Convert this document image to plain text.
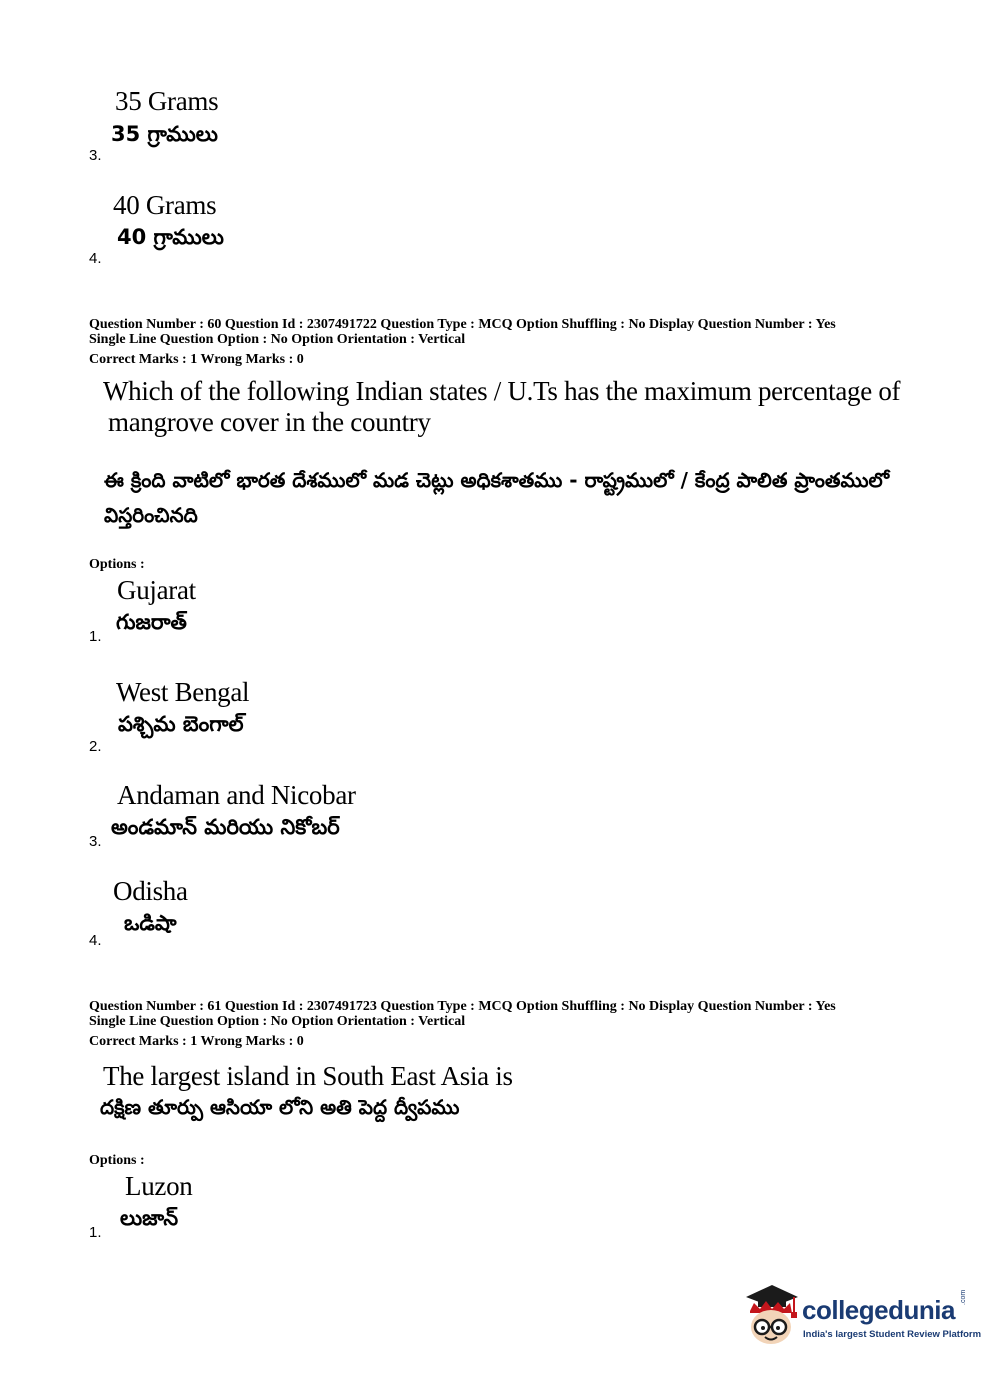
35 Grams
35 గ్రాములు
3.
40 Grams
40 గ్రాములు
4.
Question Number : 60 Question Id : 2307491722 Question Type : MCQ Option Shuffling : No Display Question Number : Yes
Single Line Question Option : No Option Orientation : Vertical
Correct Marks : 1 Wrong Marks : 0
Which of the following Indian states / U.Ts has the maximum percentage of
mangrove cover in the country
ఈ క్రింది వాటిలో భారత దేశములో మడ చెట్లు అధికశాతము - రాష్ట్రములో / కేంద్ర పాలిత ప్రాంతములో విస్తరించినది
Options :
Gujarat
గుజరాత్
1.
West Bengal
పశ్చిమ బెంగాల్
2.
Andaman and Nicobar
అండమాన్ మరియు నికోబర్
3.
Odisha
ఒడిషా
4.
Question Number : 61 Question Id : 2307491723 Question Type : MCQ Option Shuffling : No Display Question Number : Yes
Single Line Question Option : No Option Orientation : Vertical
Correct Marks : 1 Wrong Marks : 0
The largest island in South East Asia is
దక్షిణ తూర్పు ఆసియా లోని అతి పెద్ద ద్వీపము
Options :
Luzon
లుజాన్
1.
collegedunia .com
India's largest Student Review Platform
